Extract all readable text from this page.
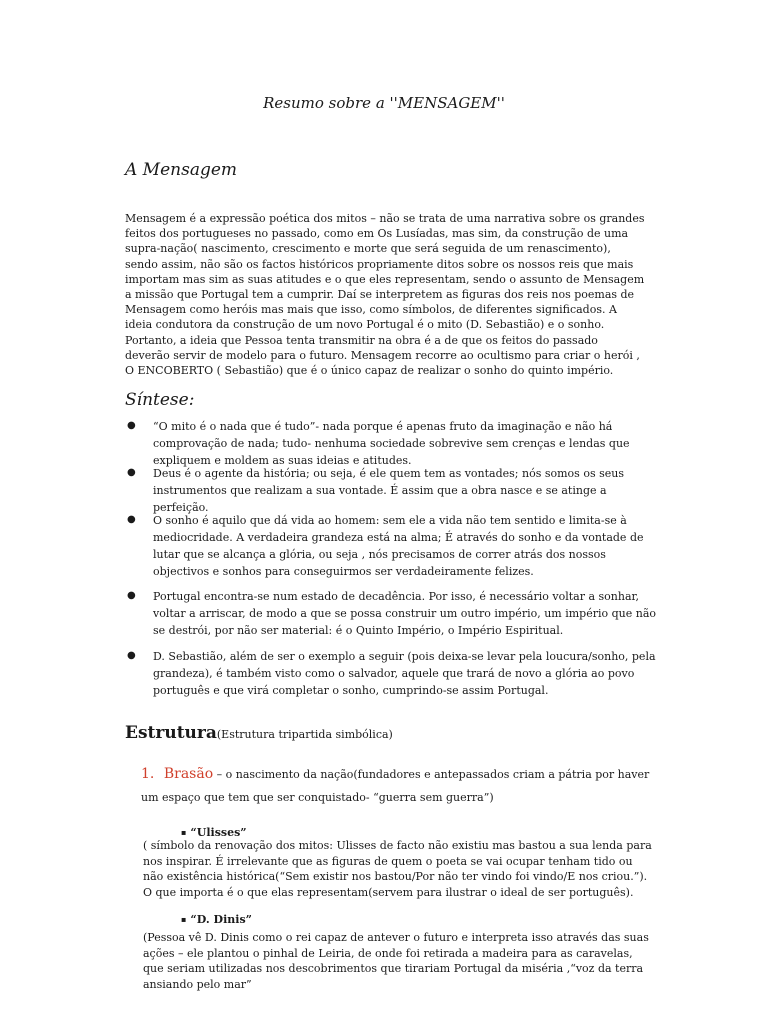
Resumo sobre a ''MENSAGEM''
A Mensagem
Mensagem é a expressão poética dos mitos – não se trata de uma narrativa sobre os grandes feitos dos portugueses no passado, como em Os Lusíadas, mas sim, da construção de uma supra-nação( nascimento, crescimento e morte que será seguida de um renascimento), sendo assim, não são os factos históricos propriamente ditos sobre os nossos reis que mais importam mas sim as suas atitudes e o que eles representam, sendo o assunto de Mensagem a missão que Portugal tem a cumprir. Daí se interpretem as figuras dos reis nos poemas de Mensagem como heróis mas mais que isso, como símbolos, de diferentes significados. A ideia condutora da construção de um novo Portugal é o mito (D. Sebastião) e o sonho. Portanto, a ideia que Pessoa tenta transmitir na obra é a de que os feitos do passado deverão servir de modelo para o futuro. Mensagem recorre ao ocultismo para criar o herói , O ENCOBERTO ( Sebastião) que é o único capaz de realizar o sonho do quinto império.
Síntese:
● “O mito é o nada que é tudo”- nada porque é apenas fruto da imaginação e não há comprovação de nada; tudo- nenhuma sociedade sobrevive sem crenças e lendas que expliquem e moldem as suas ideias e atitudes.
● Deus é o agente da história; ou seja, é ele quem tem as vontades; nós somos os seus instrumentos que realizam a sua vontade. É assim que a obra nasce e se atinge a perfeição.
● O sonho é aquilo que dá vida ao homem: sem ele a vida não tem sentido e limita-se à mediocridade. A verdadeira grandeza está na alma; É através do sonho e da vontade de lutar que se alcança a glória, ou seja , nós precisamos de correr atrás dos nossos objectivos e sonhos para conseguirmos ser verdadeiramente felizes.
● Portugal encontra-se num estado de decadência. Por isso, é necessário voltar a sonhar, voltar a arriscar, de modo a que se possa construir um outro império, um império que não se destrói, por não ser material: é o Quinto Império, o Império Espiritual.
● D. Sebastião, além de ser o exemplo a seguir (pois deixa-se levar pela loucura/sonho, pela grandeza), é também visto como o salvador, aquele que trará de novo a glória ao povo português e que virá completar o sonho, cumprindo-se assim Portugal.
Estrutura(Estrutura tripartida simbólica)
1. Brasão – o nascimento da nação(fundadores e antepassados criam a pátria por haver um espaço que tem que ser conquistado- “guerra sem guerra”)
▪ “Ulisses”
( símbolo da renovação dos mitos: Ulisses de facto não existiu mas bastou a sua lenda para nos inspirar. É irrelevante que as figuras de quem o poeta se vai ocupar tenham tido ou não existência histórica(“Sem existir nos bastou/Por não ter vindo foi vindo/E nos criou.”). O que importa é o que elas representam(servem para ilustrar o ideal de ser português).
▪ “D. Dinis”
(Pessoa vê D. Dinis como o rei capaz de antever o futuro e interpreta isso através das suas ações – ele plantou o pinhal de Leiria, de onde foi retirada a madeira para as caravelas, que seriam utilizadas nos descobrimentos que tirariam Portugal da miséria ,“voz da terra ansiando pelo mar”
